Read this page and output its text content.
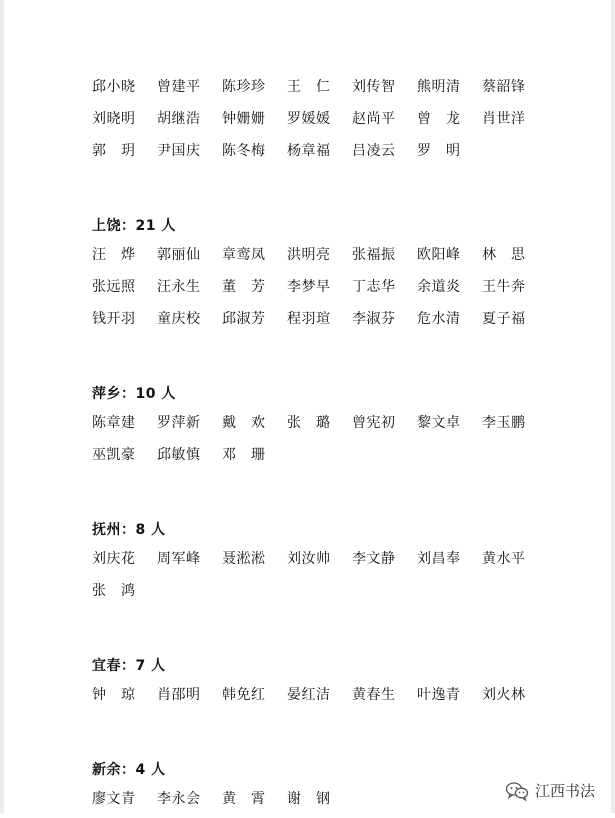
邱小晓	曾建平	陈珍珍	王　仁	刘传智	熊明清	蔡韶锋
刘晓明	胡继浩	钟姗姗	罗媛媛	赵尚平	曾　龙	肖世洋
郭　玥	尹国庆	陈冬梅	杨章福	吕凌云	罗　明
上饶：21 人
汪　烨	郭丽仙	章鸾凤	洪明亮	张福振	欧阳峰	林　思
张远照	汪永生	董　芳	李梦早	丁志华	余道炎	王牛奔
钱开羽	童庆校	邱淑芳	程羽瑄	李淑芬	危水清	夏子福
萍乡：10 人
陈章建	罗萍新	戴　欢	张　璐	曾宪初	黎文卓	李玉鹏
巫凯豪	邱敏慎	邓　珊
抚州：8 人
刘庆花	周军峰	聂淞淞	刘汝帅	李文静	刘昌奉	黄水平
张　鸿
宜春：7 人
钟　琼	肖邵明	韩免红	晏红洁	黄春生	叶逸青	刘火林
新余：4 人
廖文青	李永会	黄　霄	谢　钢	江西书法
